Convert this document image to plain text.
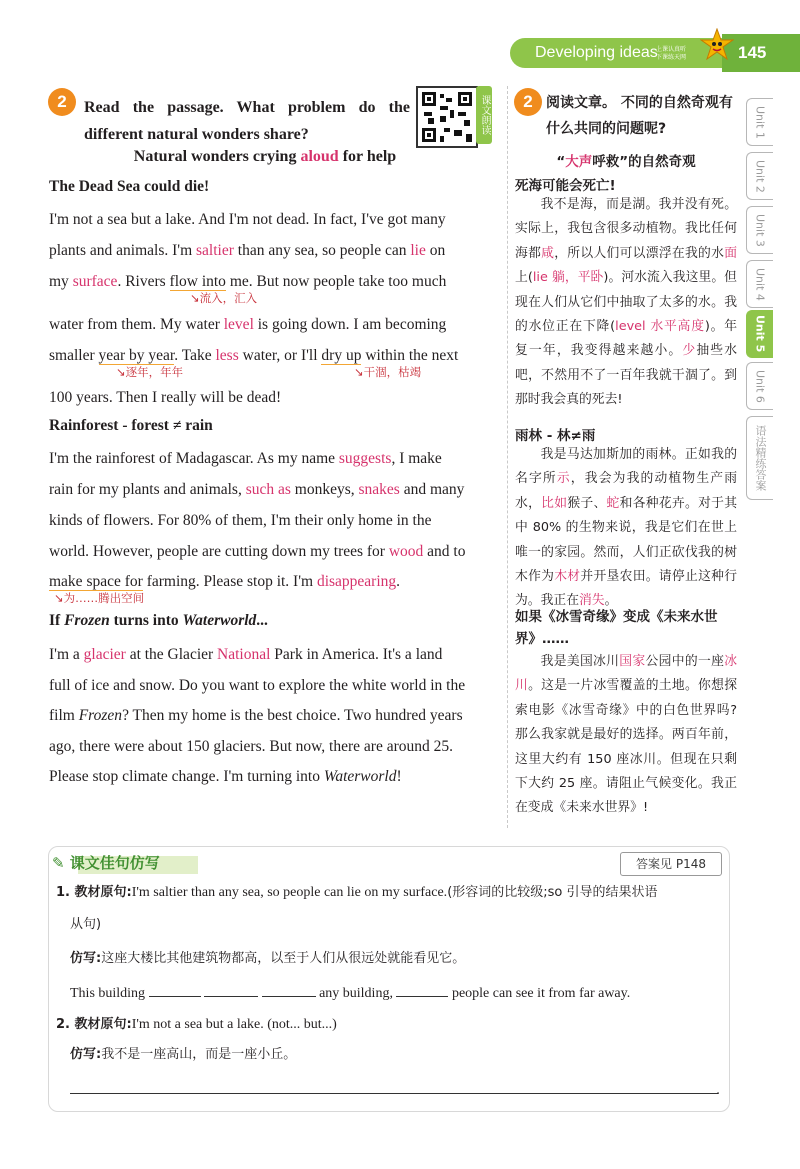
Developing ideas
上课认真听
下课练天网	145
Unit 1
Unit 2
Unit 3
Unit 4
Unit 5
Unit 6
语法精练答案
2	Read the passage. What problem do the different natural wonders share?	课文朗读
Natural wonders crying aloud for help
The Dead Sea could die!
I'm not a sea but a lake. And I'm not dead. In fact, I've got many
plants and animals. I'm saltier than any sea, so people can lie on
my surface. Rivers flow into me. But now people take too much
↘流入，汇入
water from them. My water level is going down. I am becoming
smaller year by year. Take less water, or I'll dry up within the next
↘逐年，年年	↘干涸，枯竭
100 years. Then I really will be dead!
Rainforest - forest ≠ rain
I'm the rainforest of Madagascar. As my name suggests, I make
rain for my plants and animals, such as monkeys, snakes and many
kinds of flowers. For 80% of them, I'm their only home in the
world. However, people are cutting down my trees for wood and to
make space for farming. Please stop it. I'm disappearing.
↘为……腾出空间
If Frozen turns into Waterworld...
I'm a glacier at the Glacier National Park in America. It's a land
full of ice and snow. Do you want to explore the white world in the
film Frozen? Then my home is the best choice. Two hundred years
ago, there were about 150 glaciers. But now, there are around 25.
Please stop climate change. I'm turning into Waterworld!
2 阅读文章。 不同的自然奇观有什么共同的问题呢?
“大声呼救”的自然奇观
死海可能会死亡!
我不是海，而是湖。我并没有死。实际上，我包含很多动植物。我比任何海都咸，所以人们可以漂浮在我的水面上(lie 躺，平卧)。河水流入我这里。但现在人们从它们中抽取了太多的水。我的水位正在下降(level 水平高度)。年复一年，我变得越来越小。少抽些水吧，不然用不了一百年我就干涸了。到那时我会真的死去!
雨林 - 林≠雨
我是马达加斯加的雨林。正如我的名字所示，我会为我的动植物生产雨水，比如猴子、蛇和各种花卉。对于其中 80% 的生物来说，我是它们在世上唯一的家园。然而，人们正砍伐我的树木作为木材并开垦农田。请停止这种行为。我正在消失。
如果《冰雪奇缘》变成《未来水世界》……
我是美国冰川国家公园中的一座冰川。这是一片冰雪覆盖的土地。你想探索电影《冰雪奇缘》中的白色世界吗? 那么我家就是最好的选择。两百年前，这里大约有 150 座冰川。但现在只剩下大约 25 座。请阻止气候变化。我正在变成《未来水世界》!
✎ 课文佳句仿写	答案见 P148
1. 教材原句:I'm saltier than any sea, so people can lie on my surface.(形容词的比较级;so 引导的结果状语
从句)
仿写:这座大楼比其他建筑物都高，以至于人们从很远处就能看见它。
This building	any building,	people can see it from far away.
2. 教材原句:I'm not a sea but a lake. (not... but...)
仿写:我不是一座高山，而是一座小丘。
.
